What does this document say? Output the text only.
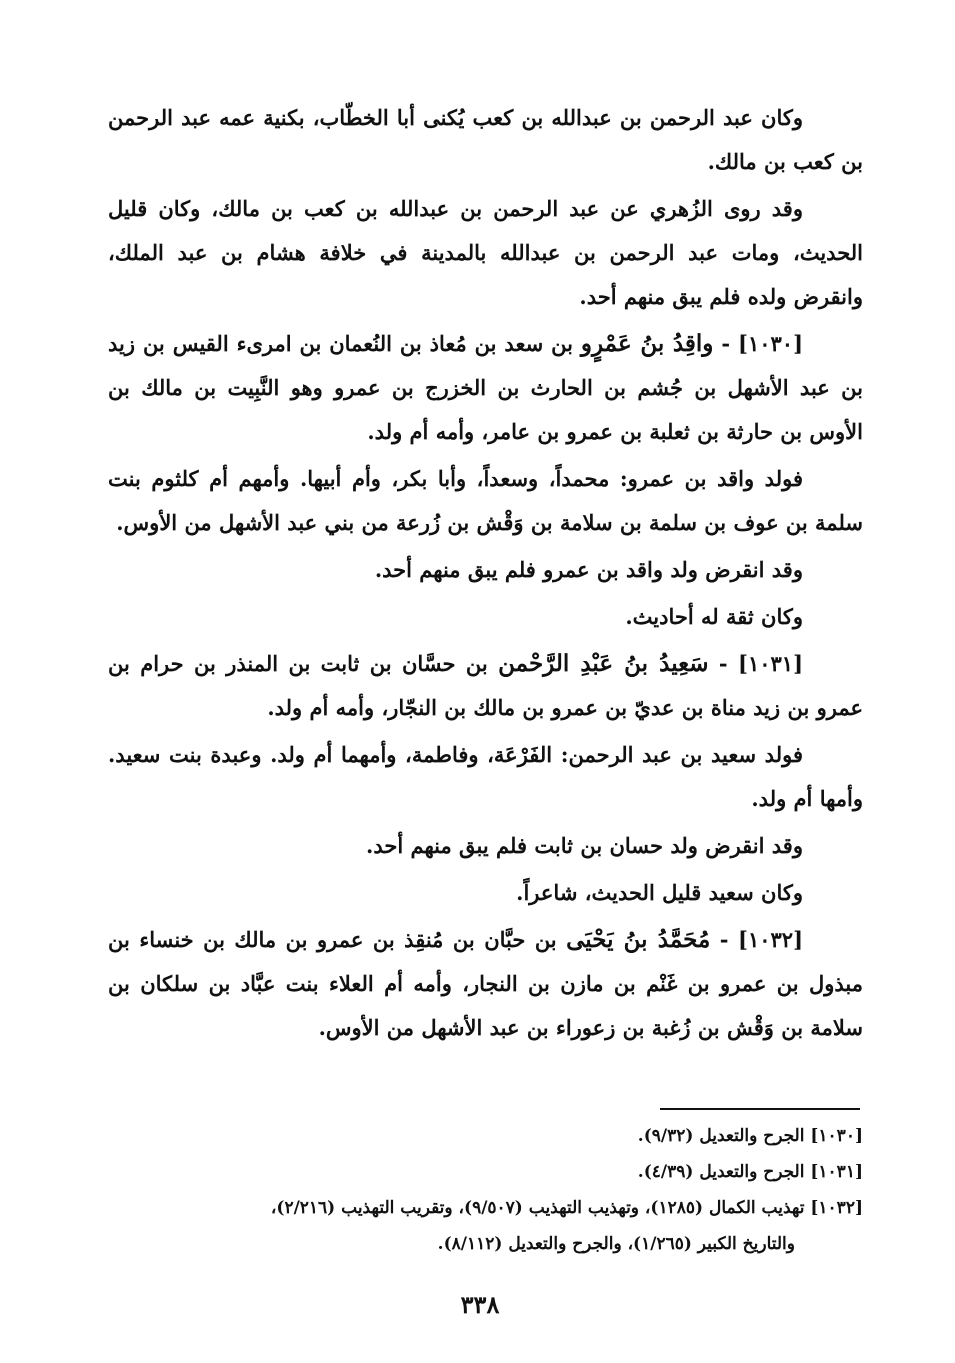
وكان عبد الرحمن بن عبدالله بن كعب يُكنى أبا الخطّاب، بكنية عمه عبد الرحمن بن كعب بن مالك.

وقد روى الزُهري عن عبد الرحمن بن عبدالله بن كعب بن مالك، وكان قليل الحديث، ومات عبد الرحمن بن عبدالله بالمدينة في خلافة هشام بن عبد الملك، وانقرض ولده فلم يبق منهم أحد.

[١٠٣٠] - واقِدُ بنُ عَمْرٍو بن سعد بن مُعاذ بن النُعمان بن امرىء القيس بن زيد بن عبد الأشهل بن جُشم بن الحارث بن الخزرج بن عمرو وهو النَّبِيت بن مالك بن الأوس بن حارثة بن ثعلبة بن عمرو بن عامر، وأمه أم ولد.

فولد واقد بن عمرو: محمداً، وسعداً، وأبا بكر، وأم أبيها. وأمهم أم كلثوم بنت سلمة بن عوف بن سلمة بن سلامة بن وَقْش بن زُرعة من بني عبد الأشهل من الأوس.

وقد انقرض ولد واقد بن عمرو فلم يبق منهم أحد.

وكان ثقة له أحاديث.

[١٠٣١] - سَعِيدُ بنُ عَبْدِ الرَّحْمن بن حسَّان بن ثابت بن المنذر بن حرام بن عمرو بن زيد مناة بن عديّ بن عمرو بن مالك بن النجّار، وأمه أم ولد.

فولد سعيد بن عبد الرحمن: الفَرْعَة، وفاطمة، وأمهما أم ولد. وعبدة بنت سعيد. وأمها أم ولد.

وقد انقرض ولد حسان بن ثابت فلم يبق منهم أحد.

وكان سعيد قليل الحديث، شاعراً.

[١٠٣٢] - مُحَمَّدُ بنُ يَحْيَى بن حبَّان بن مُنقِذ بن عمرو بن مالك بن خنساء بن مبذول بن عمرو بن غَنْم بن مازن بن النجار، وأمه أم العلاء بنت عبَّاد بن سلكان بن سلامة بن وَقْش بن زُغبة بن زعوراء بن عبد الأشهل من الأوس.

[١٠٣٠] الجرح والتعديل (٩/٣٢).

[١٠٣١] الجرح والتعديل (٤/٣٩).

[١٠٣٢] تهذيب الكمال (١٢٨٥)، وتهذيب التهذيب (٩/٥٠٧)، وتقريب التهذيب (٢/٢١٦)،
والتاريخ الكبير (١/٢٦٥)، والجرح والتعديل (٨/١١٢).

٣٣٨
